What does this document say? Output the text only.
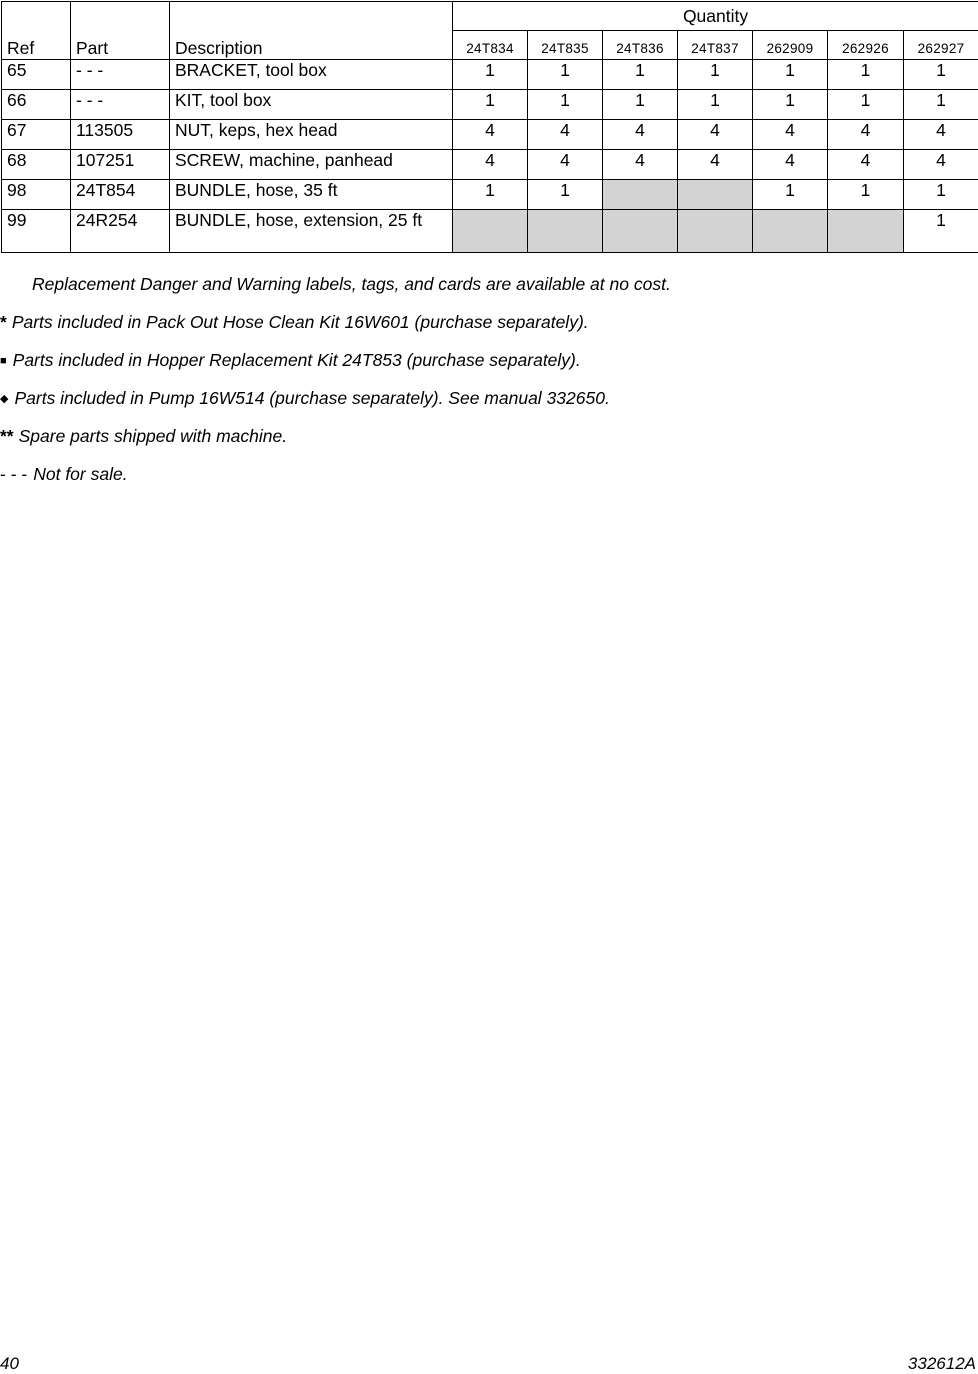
Ref	Part	Description	Quantity						
			24T834	24T835	24T836	24T837	262909	262926	262927
65	- - -	BRACKET, tool box	1	1	1	1	1	1	1
66	- - -	KIT, tool box	1	1	1	1	1	1	1
67	113505	NUT, keps, hex head	4	4	4	4	4	4	4
68	107251	SCREW, machine, panhead	4	4	4	4	4	4	4
98	24T854	BUNDLE, hose, 35 ft	1	1			1	1	1
99	24R254	BUNDLE, hose, extension, 25 ft							1
Replacement Danger and Warning labels, tags, and cards are available at no cost.
* Parts included in Pack Out Hose Clean Kit 16W601 (purchase separately).
■ Parts included in Hopper Replacement Kit 24T853 (purchase separately).
◆ Parts included in Pump 16W514 (purchase separately). See manual 332650.
** Spare parts shipped with machine.
- - - Not for sale.
40	332612A
